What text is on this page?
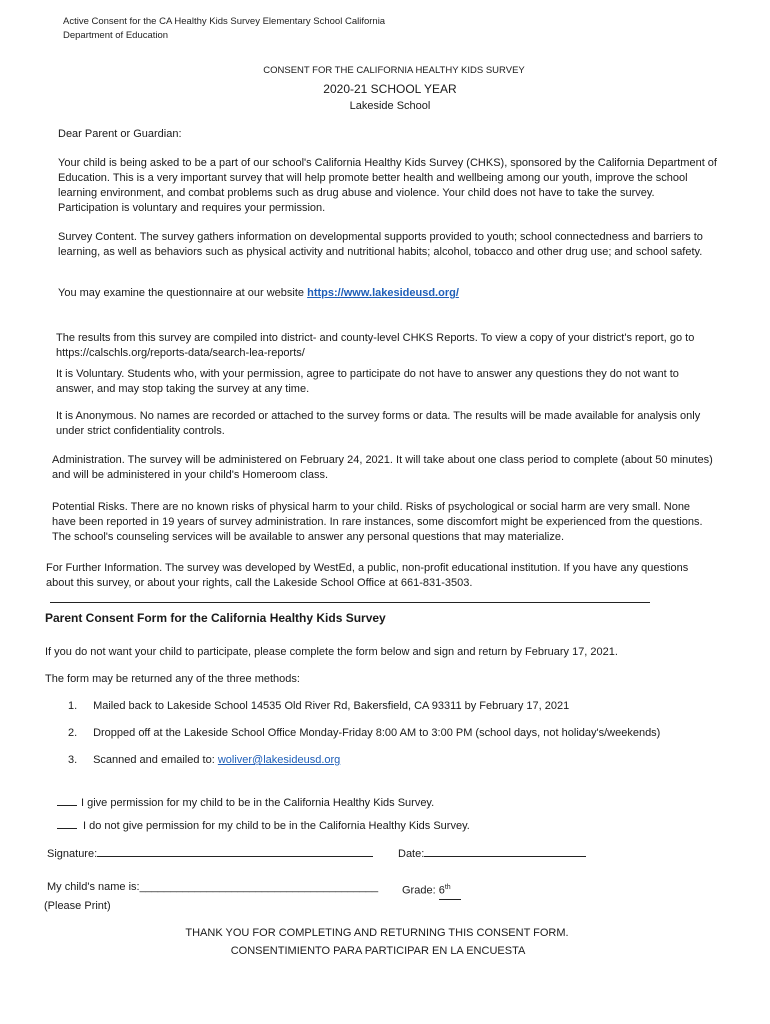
Active Consent for the CA Healthy Kids Survey Elementary School California
Department of Education
CONSENT FOR THE CALIFORNIA HEALTHY KIDS SURVEY
2020-21 SCHOOL YEAR
Lakeside School
Dear Parent or Guardian:
Your child is being asked to be a part of our school's California Healthy Kids Survey (CHKS), sponsored by the California Department of Education. This is a very important survey that will help promote better health and wellbeing among our youth, improve the school learning environment, and combat problems such as drug abuse and violence. Your child does not have to take the survey. Participation is voluntary and requires your permission.
Survey Content. The survey gathers information on developmental supports provided to youth; school connectedness and barriers to learning, as well as behaviors such as physical activity and nutritional habits; alcohol, tobacco and other drug use; and school safety.
You may examine the questionnaire at our website https://www.lakesideusd.org/
The results from this survey are compiled into district- and county-level CHKS Reports. To view a copy of your district's report, go to https://calschls.org/reports-data/search-lea-reports/
It is Voluntary. Students who, with your permission, agree to participate do not have to answer any questions they do not want to answer, and may stop taking the survey at any time.
It is Anonymous. No names are recorded or attached to the survey forms or data. The results will be made available for analysis only under strict confidentiality controls.
Administration. The survey will be administered on February 24, 2021. It will take about one class period to complete (about 50 minutes) and will be administered in your child's Homeroom class.
Potential Risks. There are no known risks of physical harm to your child. Risks of psychological or social harm are very small. None have been reported in 19 years of survey administration. In rare instances, some discomfort might be experienced from the questions. The school's counseling services will be available to answer any personal questions that may materialize.
For Further Information. The survey was developed by WestEd, a public, non-profit educational institution. If you have any questions about this survey, or about your rights, call the Lakeside School Office at 661-831-3503.
Parent Consent Form for the California Healthy Kids Survey
If you do not want your child to participate, please complete the form below and sign and return by February 17, 2021.
The form may be returned any of the three methods:
1. Mailed back to Lakeside School 14535 Old River Rd, Bakersfield, CA 93311 by February 17, 2021
2. Dropped off at the Lakeside School Office Monday-Friday 8:00 AM to 3:00 PM (school days, not holiday's/weekends)
3. Scanned and emailed to: woliver@lakesideusd.org
I give permission for my child to be in the California Healthy Kids Survey.
I do not give permission for my child to be in the California Healthy Kids Survey.
Signature:	Date:
My child's name is:_______________________________________ Grade: 6th
(Please Print)
THANK YOU FOR COMPLETING AND RETURNING THIS CONSENT FORM.
CONSENTIMIENTO PARA PARTICIPAR EN LA ENCUESTA
